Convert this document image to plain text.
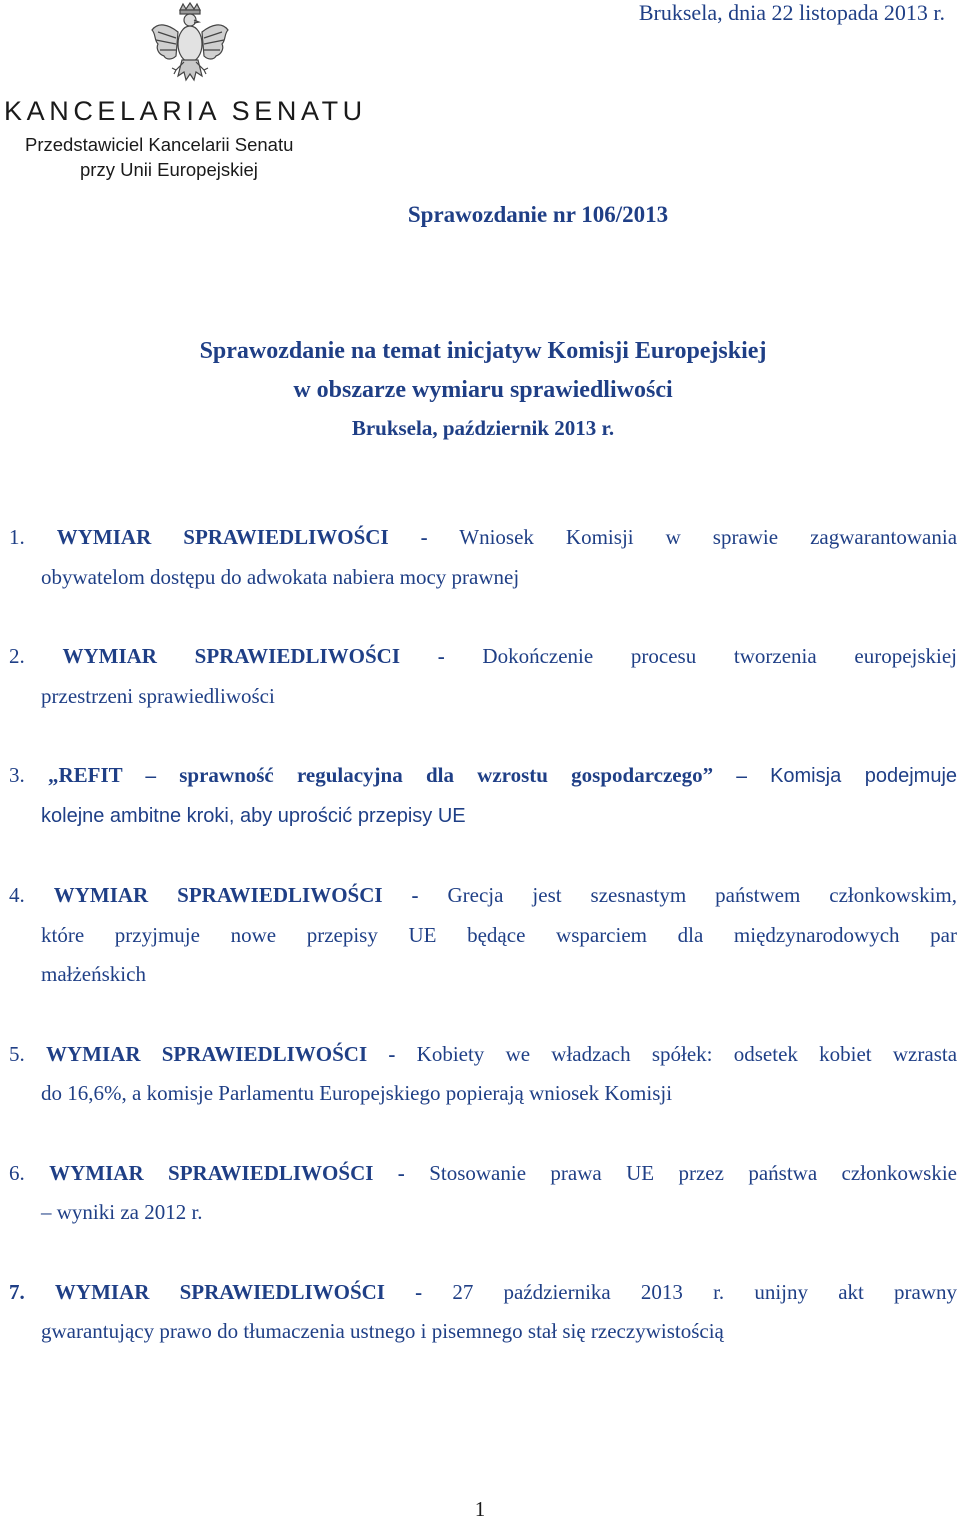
Bruksela, dnia 22 listopada 2013 r.
KANCELARIA SENATU
Przedstawiciel Kancelarii Senatu
przy Unii Europejskiej
Sprawozdanie nr 106/2013
Sprawozdanie na temat inicjatyw Komisji Europejskiej
w obszarze wymiaru sprawiedliwości
Bruksela, październik 2013 r.
1. WYMIAR SPRAWIEDLIWOŚCI - Wniosek Komisji w sprawie zagwarantowania
obywatelom dostępu do adwokata nabiera mocy prawnej
2. WYMIAR SPRAWIEDLIWOŚCI - Dokończenie procesu tworzenia europejskiej
przestrzeni sprawiedliwości
3. „REFIT – sprawność regulacyjna dla wzrostu gospodarczego” – Komisja podejmuje
kolejne ambitne kroki, aby uprościć przepisy UE
4. WYMIAR SPRAWIEDLIWOŚCI - Grecja jest szesnastym państwem członkowskim,
które przyjmuje nowe przepisy UE będące wsparciem dla międzynarodowych par
małżeńskich
5. WYMIAR SPRAWIEDLIWOŚCI - Kobiety we władzach spółek: odsetek kobiet wzrasta
do 16,6%, a komisje Parlamentu Europejskiego popierają wniosek Komisji
6. WYMIAR SPRAWIEDLIWOŚCI - Stosowanie prawa UE przez państwa członkowskie
– wyniki za 2012 r.
7. WYMIAR SPRAWIEDLIWOŚCI - 27 października 2013 r. unijny akt prawny
gwarantujący prawo do tłumaczenia ustnego i pisemnego stał się rzeczywistością
1
